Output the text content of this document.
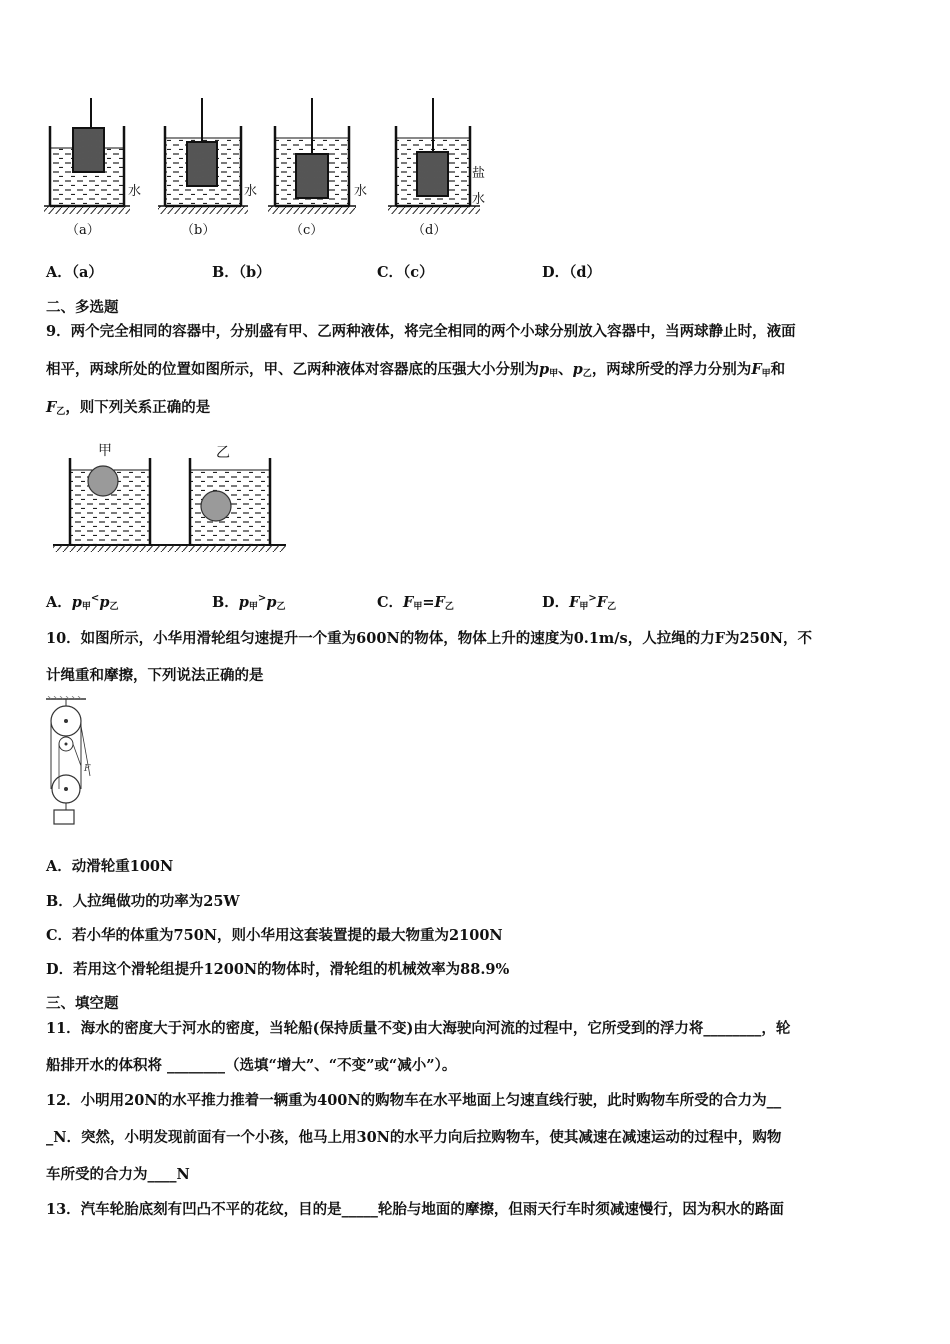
水	水	水
盐
水
（a）	（b）	（c）	（d）
A．（a）	B．（b）	C．（c）	D．（d）
二、多选题
9．两个完全相同的容器中，分别盛有甲、乙两种液体，将完全相同的两个小球分别放入容器中，当两球静止时，液面
相平，两球所处的位置如图所示，甲、乙两种液体对容器底的压强大小分别为$p_甲$、$p_乙$，两球所受的浮力分别为$F_甲$和
$F_乙$，则下列关系正确的是
甲	乙
A．$p_甲^<p_乙$	B．$p_甲^>p_乙$	C．$F_甲=F_乙$	D．$F_甲^>F_乙$
10．如图所示，小华用滑轮组匀速提升一个重为600N的物体，物体上升的速度为0.1m/s，人拉绳的力F为250N，不
计绳重和摩擦，下列说法正确的是
F
A．动滑轮重100N
B．人拉绳做功的功率为25W
C．若小华的体重为750N，则小华用这套装置提的最大物重为2100N
D．若用这个滑轮组提升1200N的物体时，滑轮组的机械效率为88.9%
三、填空题
11．海水的密度大于河水的密度，当轮船(保持质量不变)由大海驶向河流的过程中，它所受到的浮力将________，轮
船排开水的体积将 ________（选填“增大”、“不变”或“减小”）。
12．小明用20N的水平推力推着一辆重为400N的购物车在水平地面上匀速直线行驶，此时购物车所受的合力为__
_N．突然，小明发现前面有一个小孩，他马上用30N的水平力向后拉购物车，使其减速在减速运动的过程中，购物
车所受的合力为____N
13．汽车轮胎底刻有凹凸不平的花纹，目的是_____轮胎与地面的摩擦，但雨天行车时须减速慢行，因为积水的路面
